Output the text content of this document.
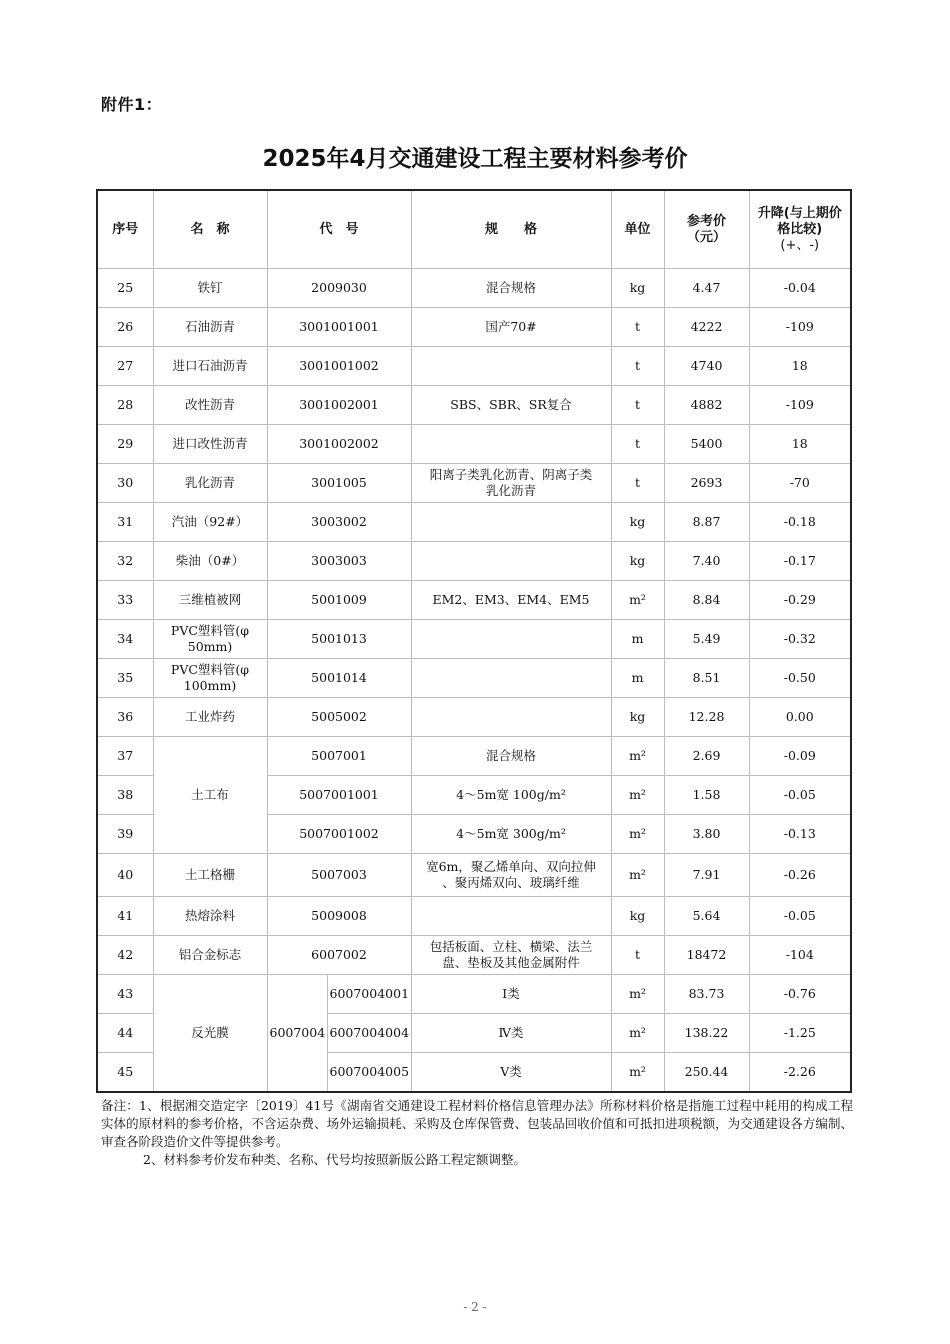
附件1：
2025年4月交通建设工程主要材料参考价
序号	名　称	代　号		规　　格	单位	参考价
（元）	升降(与上期价
格比较)
(+、-)
25	铁钉	2009030		混合规格	kg	4.47	-0.04
26	石油沥青	3001001001		国产70#	t	4222	-109
27	进口石油沥青	3001001002			t	4740	18
28	改性沥青	3001002001		SBS、SBR、SR复合	t	4882	-109
29	进口改性沥青	3001002002			t	5400	18
30	乳化沥青	3001005		阳离子类乳化沥青、阴离子类
乳化沥青	t	2693	-70
31	汽油（92#）	3003002			kg	8.87	-0.18
32	柴油（0#）	3003003			kg	7.40	-0.17
33	三维植被网	5001009		EM2、EM3、EM4、EM5	m²	8.84	-0.29
34	PVC塑料管(φ
50mm)	5001013			m	5.49	-0.32
35	PVC塑料管(φ
100mm)	5001014			m	8.51	-0.50
36	工业炸药	5005002			kg	12.28	0.00
37	土工布	5007001		混合规格	m²	2.69	-0.09
38		5007001001		4～5m宽 100g/m²	m²	1.58	-0.05
39		5007001002		4～5m宽 300g/m²	m²	3.80	-0.13
40	土工格栅	5007003		宽6m，聚乙烯单向、双向拉伸
、聚丙烯双向、玻璃纤维	m²	7.91	-0.26
41	热熔涂料	5009008			kg	5.64	-0.05
42	铝合金标志	6007002		包括板面、立柱、横梁、法兰
盘、垫板及其他金属附件	t	18472	-104
43	反光膜	6007004	6007004001	Ⅰ类	m²	83.73	-0.76
44			6007004004	Ⅳ类	m²	138.22	-1.25
45			6007004005	Ⅴ类	m²	250.44	-2.26

备注：1、根据湘交造定字〔2019〕41号《湖南省交通建设工程材料价格信息管理办法》所称材料价格是指施工过程中耗用的构成工程实体的原材料的参考价格，不含运杂费、场外运输损耗、采购及仓库保管费、包装品回收价值和可抵扣进项税额，为交通建设各方编制、审查各阶段造价文件等提供参考。

2、材料参考价发布种类、名称、代号均按照新版公路工程定额调整。

- 2 -
